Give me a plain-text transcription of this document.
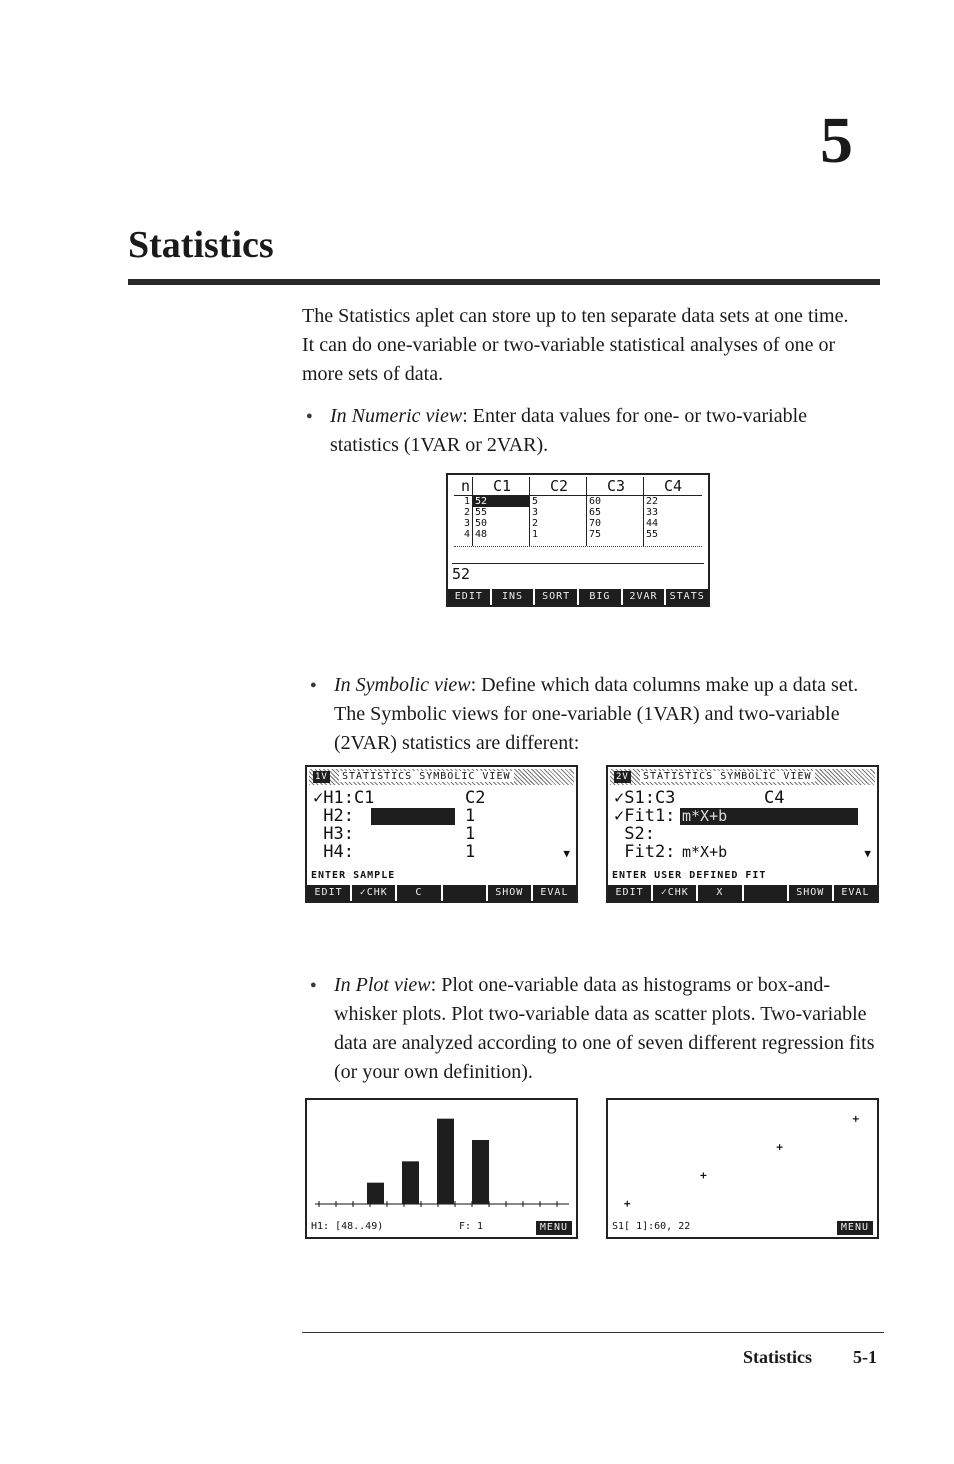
5
Statistics
The Statistics aplet can store up to ten separate data sets at one time. It can do one-variable or two-variable statistical analyses of one or more sets of data.
● In Numeric view: Enter data values for one- or two-variable statistics (1VAR or 2VAR).
n	C1	C2	C3	C4
1 52	5	60	22
2 55	3	65	33
3 50	2	70	44
4 48	1	75	55
52
EDIT	INS	SORT	BIG	2VAR	STATS
● In Symbolic view: Define which data columns make up a data set. The Symbolic views for one-variable (1VAR) and two-variable (2VAR) statistics are different:
1V STATISTICS SYMBOLIC VIEW
✓H1:C1	C2
H2:	1
H3:	1
H4:	1	▼
ENTER SAMPLE
EDIT	✓CHK	C	SHOW	EVAL
2V STATISTICS SYMBOLIC VIEW
✓S1:C3	C4
✓Fit1: m*X+b
S2:
Fit2: m*X+b	▼
ENTER USER DEFINED FIT
EDIT	✓CHK	X	SHOW	EVAL
● In Plot view: Plot one-variable data as histograms or box-and-whisker plots. Plot two-variable data as scatter plots. Two-variable data are analyzed according to one of seven different regression fits (or your own definition).
H1: [48..49)	F: 1	MENU	S1[ 1]:60, 22	MENU
Statistics 5-1
